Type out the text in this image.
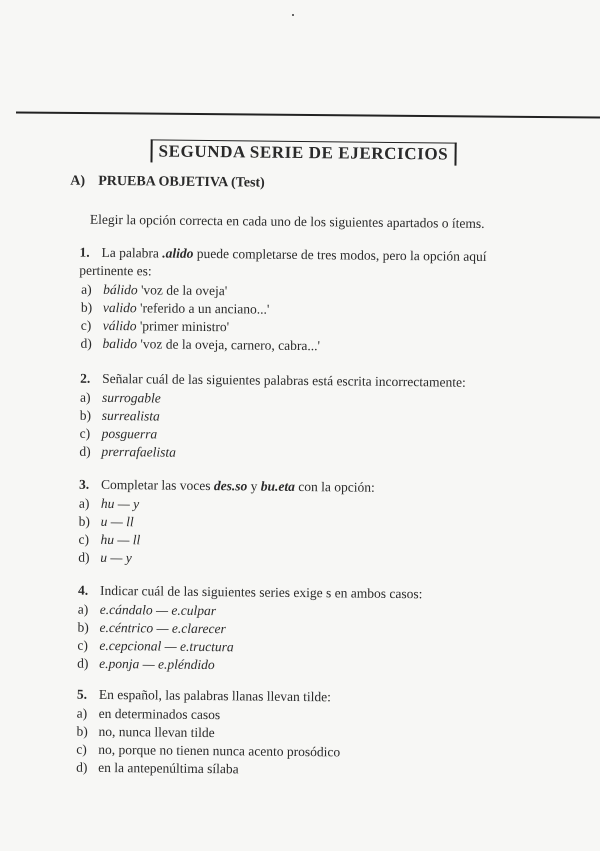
SEGUNDA SERIE DE EJERCICIOS
A) PRUEBA OBJETIVA (Test)
Elegir la opción correcta en cada uno de los siguientes apartados o ítems.
1. La palabra .alido puede completarse de tres modos, pero la opción aquí pertinente es:
a) bálido 'voz de la oveja'
b) valido 'referido a un anciano...'
c) válido 'primer ministro'
d) balido 'voz de la oveja, carnero, cabra...'
2. Señalar cuál de las siguientes palabras está escrita incorrectamente:
a) surrogable
b) surrealista
c) posguerra
d) prerrafaelista
3. Completar las voces des.so y bu.eta con la opción:
a) hu — y
b) u — ll
c) hu — ll
d) u — y
4. Indicar cuál de las siguientes series exige s en ambos casos:
a) e.cándalo — e.culpar
b) e.céntrico — e.clarecer
c) e.cepcional — e.tructura
d) e.ponja — e.pléndido
5. En español, las palabras llanas llevan tilde:
a) en determinados casos
b) no, nunca llevan tilde
c) no, porque no tienen nunca acento prosódico
d) en la antepenúltima sílaba
